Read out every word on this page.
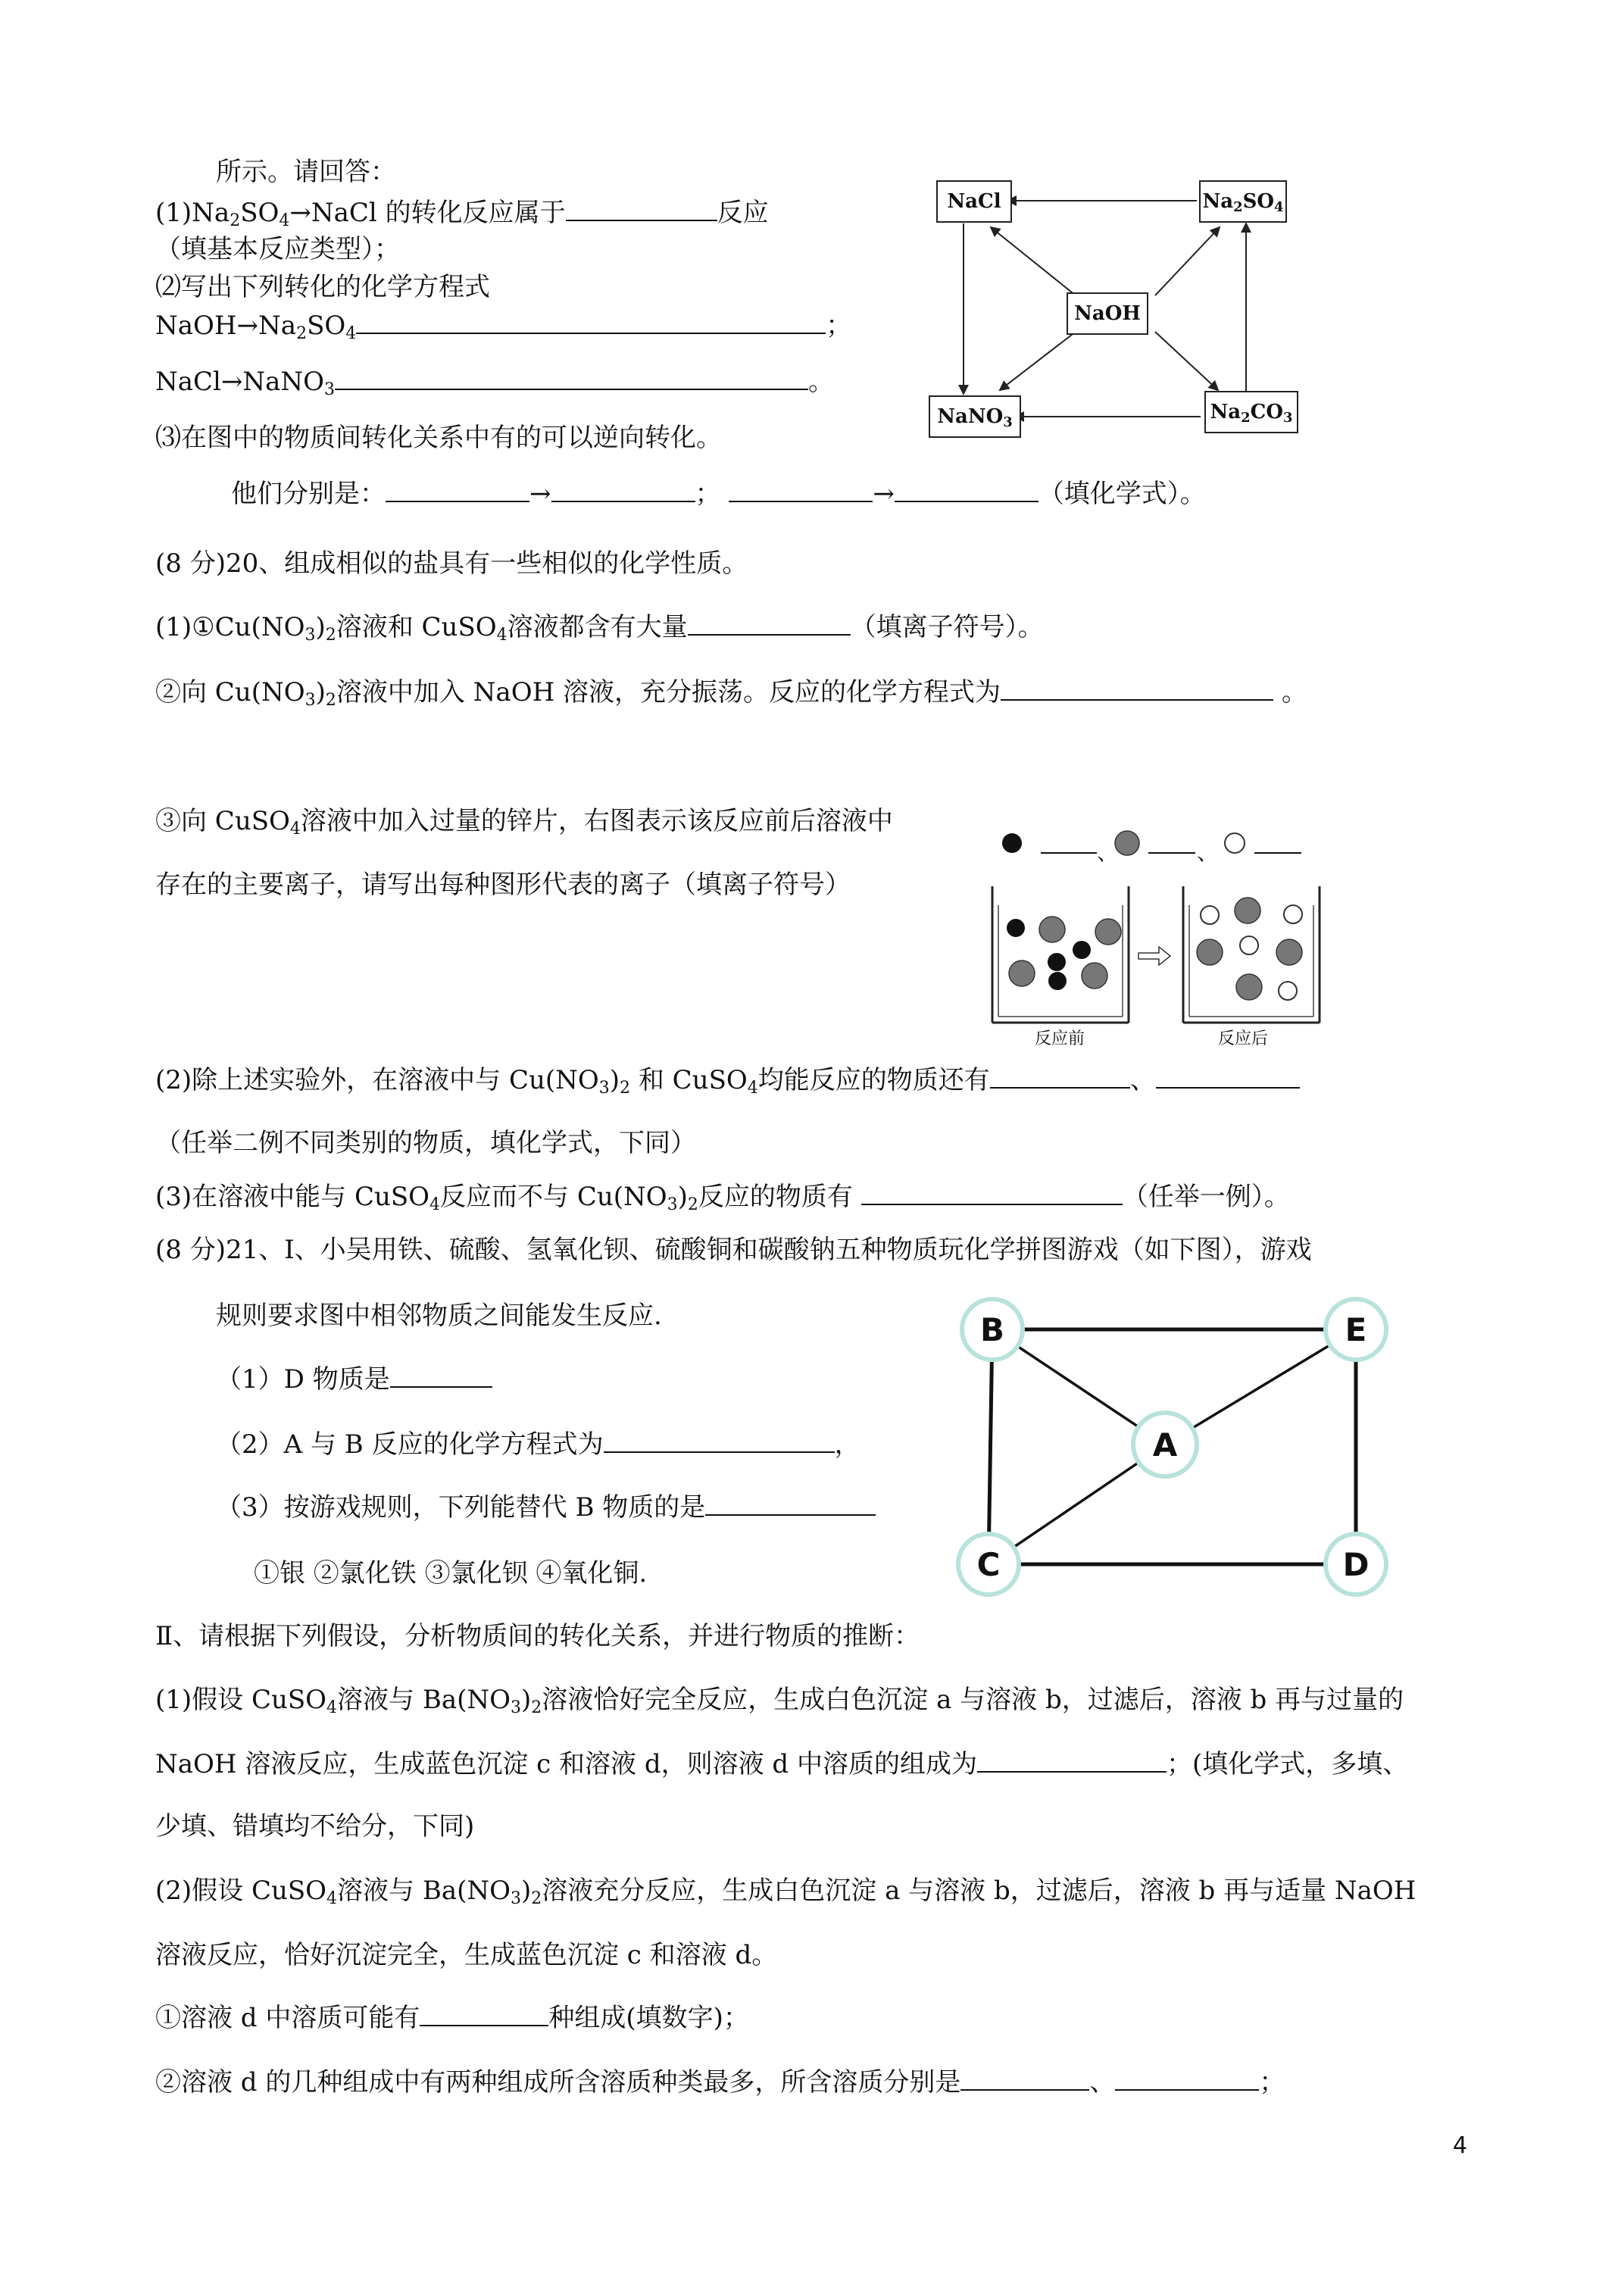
所示。请回答：
$(1)Na_2SO_4\to NaCl$ 的转化反应属于	反应
（填基本反应类型）；
⑵写出下列转化的化学方程式
$NaOH\to Na_2SO_4$	；
NaCl→NaNO$_3$	。
⑶在图中的物质间转化关系中有的可以逆向转化。
他们分别是：	→	；	→	（填化学式）。
NaCl	$Na_2SO_4$
NaOH
NaNO$_3$	$Na_2CO_3$
(8 分)20、组成相似的盐具有一些相似的化学性质。
$(1)①Cu(NO_3)_2$溶液和 CuSO$_4$溶液都含有大量	（填离子符号）。
②向 $Cu(NO_3)_2$溶液中加入 NaOH 溶液，充分振荡。反应的化学方程式为	。
③向 CuSO$_4$溶液中加入过量的锌片，右图表示该反应前后溶液中
存在的主要离子，请写出每种图形代表的离子（填离子符号）
、	、
反应前	反应后
(2)除上述实验外，在溶液中与 $Cu(NO_3)_2$ 和 CuSO$_4$均能反应的物质还有	、
（任举二例不同类别的物质，填化学式，下同）
(3)在溶液中能与 CuSO$_4$反应而不与 $Cu(NO_3)_2$反应的物质有	（任举一例）。
(8 分)21、Ⅰ、小吴用铁、硫酸、氢氧化钡、硫酸铜和碳酸钠五种物质玩化学拼图游戏（如下图），游戏
规则要求图中相邻物质之间能发生反应.
（1）D 物质是
（2）A 与 B 反应的化学方程式为	，
（3）按游戏规则，下列能替代 B 物质的是
①银 ②氯化铁 ③氯化钡 ④氧化铜.
B	E
A
C	D
Ⅱ、请根据下列假设，分析物质间的转化关系，并进行物质的推断：
(1)假设 CuSO$_4$溶液与 $Ba(NO_3)_2$溶液恰好完全反应，生成白色沉淀 a 与溶液 b，过滤后，溶液 b 再与过量的
NaOH 溶液反应，生成蓝色沉淀 c 和溶液 d，则溶液 d 中溶质的组成为	；(填化学式，多填、
少填、错填均不给分，下同)
(2)假设 CuSO$_4$溶液与 $Ba(NO_3)_2$溶液充分反应，生成白色沉淀 a 与溶液 b，过滤后，溶液 b 再与适量 NaOH
溶液反应，恰好沉淀完全，生成蓝色沉淀 c 和溶液 d。
①溶液 d 中溶质可能有	种组成(填数字)；
②溶液 d 的几种组成中有两种组成所含溶质种类最多，所含溶质分别是	、	；
4
